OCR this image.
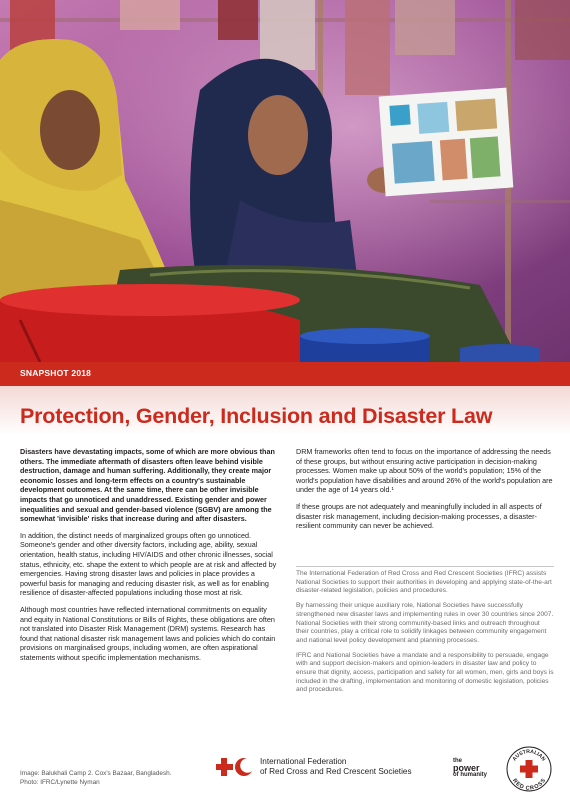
SNAPSHOT 2018
Protection, Gender, Inclusion and Disaster Law

Disasters have devastating impacts, some of which are more obvious than others. The immediate aftermath of disasters often leave behind visible destruction, damage and human suffering. Additionally, they create major economic losses and long-term effects on a country's sustainable development outcomes. At the same time, there can be other invisible impacts that go unnoticed and unaddressed. Existing gender and power inequalities and sexual and gender-based violence (SGBV) are among the somewhat 'invisible' risks that increase during and after disasters.

In addition, the distinct needs of marginalized groups often go unnoticed. Someone's gender and other diversity factors, including age, ability, sexual orientation, health status, including HIV/AIDS and other chronic illnesses, social status, ethnicity, etc. shape the extent to which people are at risk and affected by emergencies. Having strong disaster laws and policies in place provides a powerful basis for managing and reducing disaster risk, as well as for enabling resilience of disaster-affected populations including those most at risk.

Although most countries have reflected international commitments on equality and equity in National Constitutions or Bills of Rights, these obligations are often not translated into Disaster Risk Management (DRM) systems. Research has found that national disaster risk management laws and policies which do contain provisions on marginalised groups, including women, are often aspirational statements without specific implementation mechanisms.

DRM frameworks often tend to focus on the importance of addressing the needs of these groups, but without ensuring active participation in decision-making processes. Women make up about 50% of the world's population; 15% of the world's population have disabilities and around 26% of the world's population are under the age of 14 years old.¹

If these groups are not adequately and meaningfully included in all aspects of disaster risk management, including decision-making processes, a disaster-resilient community can never be achieved.

The International Federation of Red Cross and Red Crescent Societies (IFRC) assists National Societies to support their authorities in developing and applying state-of-the-art disaster-related legislation, policies and procedures.

By harnessing their unique auxiliary role, National Societies have successfully strengthened new disaster laws and implementing rules in over 30 countries since 2007. National Societies with their strong community-based links and outreach throughout their countries, play a critical role to solidify linkages between community engagement and national level policy development and planning processes.

IFRC and National Societies have a mandate and a responsibility to persuade, engage with and support decision-makers and opinion-leaders in disaster law and policy to ensure that dignity, access, participation and safety for all women, men, girls and boys is included in the drafting, implementation and monitoring of domestic legislation, policies and procedures.

Image: Balukhali Camp 2. Cox's Bazaar, Bangladesh.
Photo: IFRC/Lynette Nyman
International Federation
of Red Cross and Red Crescent Societies
the
power
of humanity
AUSTRALIAN
RED CROSS
